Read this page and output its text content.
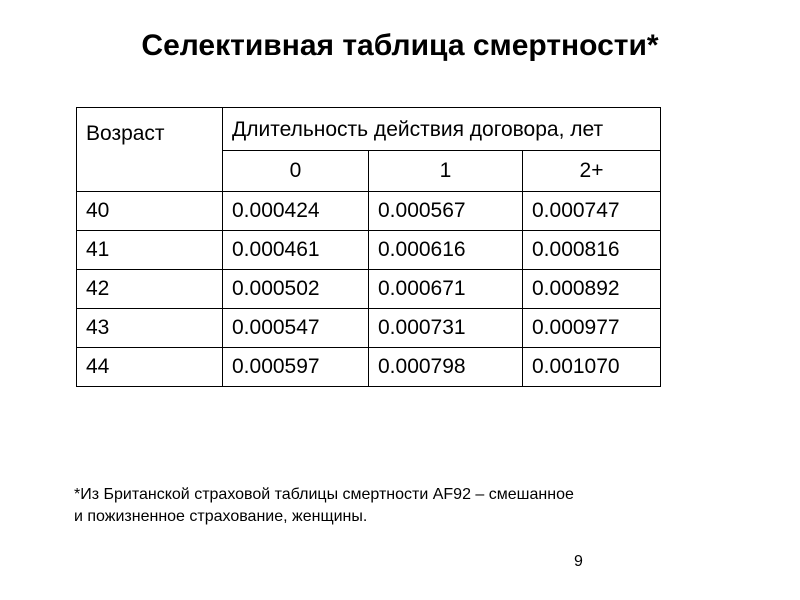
Селективная таблица смертности*
Возраст	Длительность действия договора, лет		
	0	1	2+
40	0.000424	0.000567	0.000747
41	0.000461	0.000616	0.000816
42	0.000502	0.000671	0.000892
43	0.000547	0.000731	0.000977
44	0.000597	0.000798	0.001070
*Из Британской страховой таблицы смертности AF92 – смешанное
и пожизненное страхование, женщины.
9
